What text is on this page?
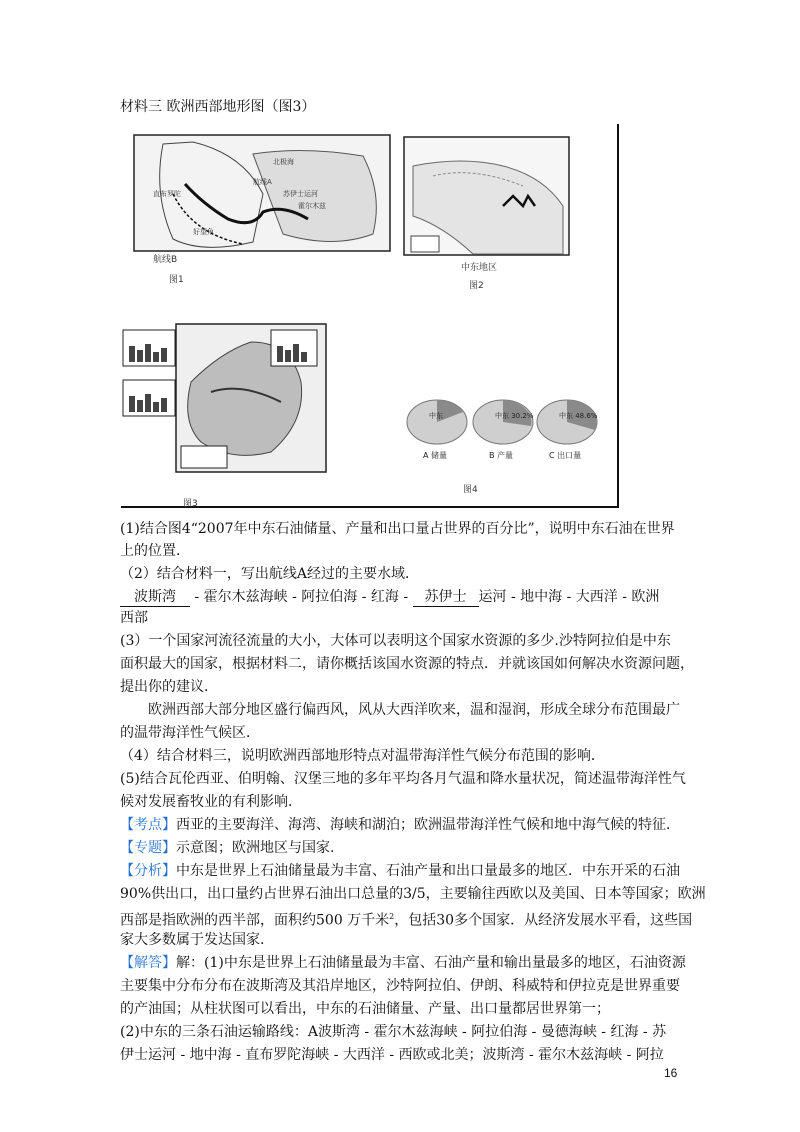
材料三 欧洲西部地形图（图3）
航线B
北极海
苏伊士运河
霍尔木兹
直布罗陀
好望角
航线A
图1
中东地区
图2
图3
中东	中东 30.2%	中东 48.6%
A 储量	B 产量	C 出口量
图4
(1)结合图4“2007年中东石油储量、产量和出口量占世界的百分比”，说明中东石油在世界
上的位置.
（2）结合材料一，写出航线A经过的主要水域．
波斯湾 - 霍尔木兹海峡 - 阿拉伯海 - 红海 - 苏伊士 运河 - 地中海 - 大西洋 - 欧洲
西部
(3）一个国家河流径流量的大小，大体可以表明这个国家水资源的多少.沙特阿拉伯是中东
面积最大的国家，根据材料二，请你概括该国水资源的特点．并就该国如何解决水资源问题，
提出你的建议．
欧洲西部大部分地区盛行偏西风，风从大西洋吹来，温和湿润，形成全球分布范围最广
的温带海洋性气候区．
（4）结合材料三，说明欧洲西部地形特点对温带海洋性气候分布范围的影响．
(5)结合瓦伦西亚、伯明翰、汉堡三地的多年平均各月气温和降水量状况，简述温带海洋性气
候对发展畜牧业的有利影响．
【考点】西亚的主要海洋、海湾、海峡和湖泊；欧洲温带海洋性气候和地中海气候的特征．
【专题】示意图；欧洲地区与国家.
【分析】中东是世界上石油储量最为丰富、石油产量和出口量最多的地区．中东开采的石油
90%供出口，出口量约占世界石油出口总量的3/5，主要输往西欧以及美国、日本等国家；欧洲
西部是指欧洲的西半部，面积约500 万千米$^2$，包括30多个国家．从经济发展水平看，这些国
家大多数属于发达国家.
【解答】解：(1)中东是世界上石油储量最为丰富、石油产量和输出量最多的地区，石油资源
主要集中分布分布在波斯湾及其沿岸地区，沙特阿拉伯、伊朗、科威特和伊拉克是世界重要
的产油国；从柱状图可以看出，中东的石油储量、产量、出口量都居世界第一；
(2)中东的三条石油运输路线：A波斯湾 - 霍尔木兹海峡 - 阿拉伯海 - 曼德海峡 - 红海 - 苏
伊士运河 - 地中海 - 直布罗陀海峡 - 大西洋 - 西欧或北美；波斯湾 - 霍尔木兹海峡 - 阿拉
16
